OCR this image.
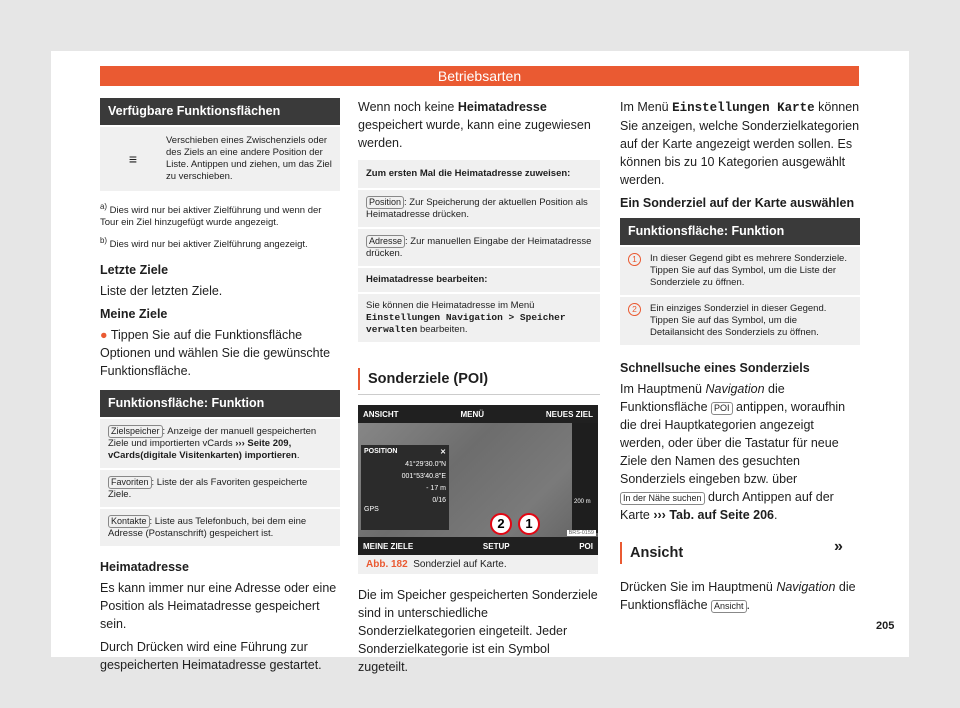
Betriebsarten
Verfügbare Funktionsflächen
≡
Verschieben eines Zwischenziels oder des Ziels an eine andere Position der Liste. Antippen und ziehen, um das Ziel zu verschieben.

$^{a)}$ Dies wird nur bei aktiver Zielführung und wenn der Tour ein Ziel hinzugefügt wurde angezeigt.

$^{b)}$ Dies wird nur bei aktiver Zielführung angezeigt.

Letzte Ziele

Liste der letzten Ziele.

Meine Ziele

● Tippen Sie auf die Funktionsfläche Optionen und wählen Sie die gewünschte Funktionsfläche.

Funktionsfläche: Funktion
Zielspeicher : Anzeige der manuell gespeicherten Ziele und importierten vCards ››› Seite 209, vCards(digitale Visitenkarten) importieren.
Favoriten : Liste der als Favoriten gespeicherte Ziele.
Kontakte : Liste aus Telefonbuch, bei dem eine Adresse (Postanschrift) gespeichert ist.

Heimatadresse

Es kann immer nur eine Adresse oder eine Position als Heimatadresse gespeichert sein.

Durch Drücken wird eine Führung zur gespeicherten Heimatadresse gestartet.

Wenn noch keine Heimatadresse gespeichert wurde, kann eine zugewiesen werden.

Zum ersten Mal die Heimatadresse zuweisen:
Position : Zur Speicherung der aktuellen Position als Heimatadresse drücken.
Adresse : Zur manuellen Eingabe der Heimatadresse drücken.
Heimatadresse bearbeiten:
Sie können die Heimatadresse im Menü Einstellungen Navigation > Speicher verwalten bearbeiten.
Sonderziele (POI)
ANSICHT	MENÜ	NEUES ZIEL
POSITION	✕
41°29'30.0"N
001°53'40.8"E
- 17 m
0/16
GPS
200 m
2	1
MEINE ZIELE	SETUP	POI
BRS-0159
Abb. 182 Sonderziel auf Karte.

Die im Speicher gespeicherten Sonderziele sind in unterschiedliche Sonderzielkategorien eingeteilt. Jeder Sonderzielkategorie ist ein Symbol zugeteilt.

Im Menü Einstellungen Karte können Sie anzeigen, welche Sonderzielkategorien auf der Karte angezeigt werden sollen. Es können bis zu 10 Kategorien ausgewählt werden.

Ein Sonderziel auf der Karte auswählen

Funktionsfläche: Funktion
1	In dieser Gegend gibt es mehrere Sonderziele. Tippen Sie auf das Symbol, um die Liste der Sonderziele zu öffnen.
2	Ein einziges Sonderziel in dieser Gegend. Tippen Sie auf das Symbol, um die Detailansicht des Sonderziels zu öffnen.

Schnellsuche eines Sonderziels

Im Hauptmenü Navigation die Funktionsfläche POI antippen, woraufhin die drei Hauptkategorien angezeigt werden, oder über die Tastatur für neue Ziele den Namen des gesuchten Sonderziels eingeben bzw. über In der Nähe suchen durch Antippen auf der Karte ››› Tab. auf Seite 206.

Ansicht

Drücken Sie im Hauptmenü Navigation die Funktionsfläche Ansicht .

»
205
